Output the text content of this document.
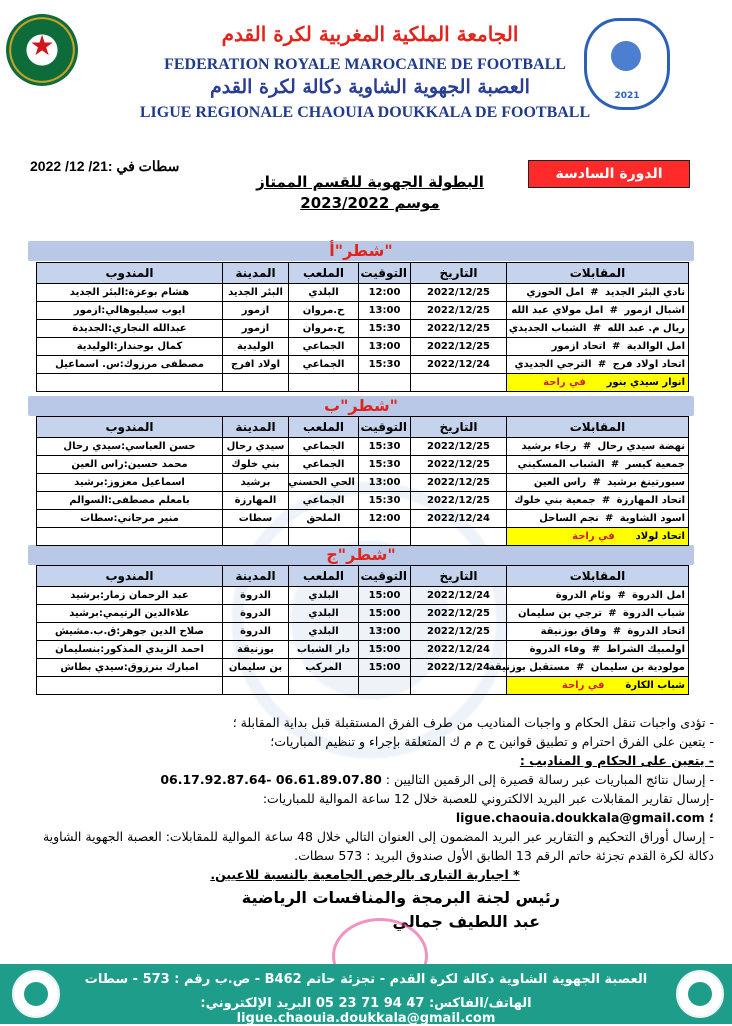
★
2021
الجامعة الملكية المغربية لكرة القدم
FEDERATION ROYALE MAROCAINE DE FOOTBALL
العصبة الجهوية الشاوية دكالة لكرة القدم
LIGUE REGIONALE CHAOUIA DOUKKALA DE FOOTBALL
سطات في :21/ 12/ 2022	الدورة السادسة
البطولة الجهوية للقسم الممتاز
موسم 2023/2022
شطر"أ"
شطر"ب"
شطر"ج"
المقابلات	التاريخ	التوقيت	الملعب	المدينة	المندوب
نادي البئر الجديد # امل الحوزي	2022/12/25	12:00	البلدي	البئر الجديد	هشام بوعزة:البئر الجديد
اشبال ازمور # امل مولاي عبد الله	2022/12/25	13:00	ح.مروان	ازمور	ايوب سيليوهالي:ازمور
ريال م. عبد الله # الشباب الجديدي	2022/12/25	15:30	ح.مروان	ازمور	عبدالله النجاري:الجديدة
امل الوالدية # اتحاد ازمور	2022/12/25	13:00	الجماعي	الوليدية	كمال بوجندار:الوليدية
اتحاد اولاد فرج # الترجي الجديدي	2022/12/24	15:30	الجماعي	اولاد افرج	مصطفى مرزوك:س. اسماعيل
انوار سيدي بنور      في راحة					
المقابلات	التاريخ	التوقيت	الملعب	المدينة	المندوب
نهضة سيدي رحال # رجاء برشيد	2022/12/25	15:30	الجماعي	سيدي رحال	حسن العباسي:سيدي رحال
جمعية كيسر # الشباب المسكيني	2022/12/25	15:30	الجماعي	بني خلوك	محمد حسين:راس العين
سبورتينغ برشيد # راس العين	2022/12/25	13:00	الحي الحسني	برشيد	اسماعيل معزوز:برشيد
اتحاد المهارزة # جمعية بني خلوك	2022/12/25	15:30	الجماعي	المهارزة	بامعلم مصطفى:السوالم
اسود الشاوية # نجم الساحل	2022/12/24	12:00	الملحق	سطات	منير مرجاني:سطات
اتحاد لولاد      في راحة					
المقابلات	التاريخ	التوقيت	الملعب	المدينة	المندوب
امل الدروة # وئام الدروة	2022/12/24	15:00	البلدي	الدروة	عبد الرحمان زمار:برشيد
شباب الدروة # ترجي بن سليمان	2022/12/25	15:00	البلدي	الدروة	علاءالدين الرتيمي:برشيد
اتحاد الدروة # وفاق بوزنيقة	2022/12/25	13:00	البلدي	الدروة	صلاح الدين جوهر:ق.ب.مشيش
اولمبيك الشراط # وفاء الدروة	2022/12/24	15:00	دار الشباب	بوزنيقة	احمد الزيدي المذكور:بنسليمان
مولودية بن سليمان # مستقبل بوزنيقة	2022/12/24	15:00	المركب	بن سليمان	امبارك بنرزوق:سيدي بطاش
شباب الكارة      في راحة					

- تؤدى واجبات تنقل الحكام و واجبات المناديب من طرف الفرق المستقبلة قبل بداية المقابلة ؛

- يتعين على الفرق احترام و تطبيق قوانين ج م م ك المتعلقة بإجراء و تنظيم المباريات؛

- يتعين على الحكام و المناديب :

- إرسال نتائج المباريات عبر رسالة قصيرة إلى الرقمين التاليين : 06.17.92.87.64- 06.61.89.07.80

-إرسال تقارير المقابلات عبر البريد الالكتروني للعصبة خلال 12 ساعة الموالية للمباريات:

؛ ligue.chaouia.doukkala@gmail.com

- إرسال أوراق التحكيم و التقارير عبر البريد المضمون إلى العنوان التالي خلال 48 ساعة الموالية للمقابلات: العصبة الجهوية الشاوية دكالة لكرة القدم تجزئة حاتم الرقم 13 الطابق الأول صندوق البريد : 573 سطات.

* اجبارية التبارى بالرخص الجامعية بالنسبة للاعبين.

رئيس لجنة البرمجة والمنافسات الرياضية
عبد اللطيف جمالي
العصبة الجهوية الشاوية دكالة لكرة القدم - تجزئة حاتم B462 - ص.ب رقم : 573 - سطات
الهاتف/الفاكس: 47 94 71 23 05 البريد الإلكتروني: ligue.chaouia.doukkala@gmail.com
